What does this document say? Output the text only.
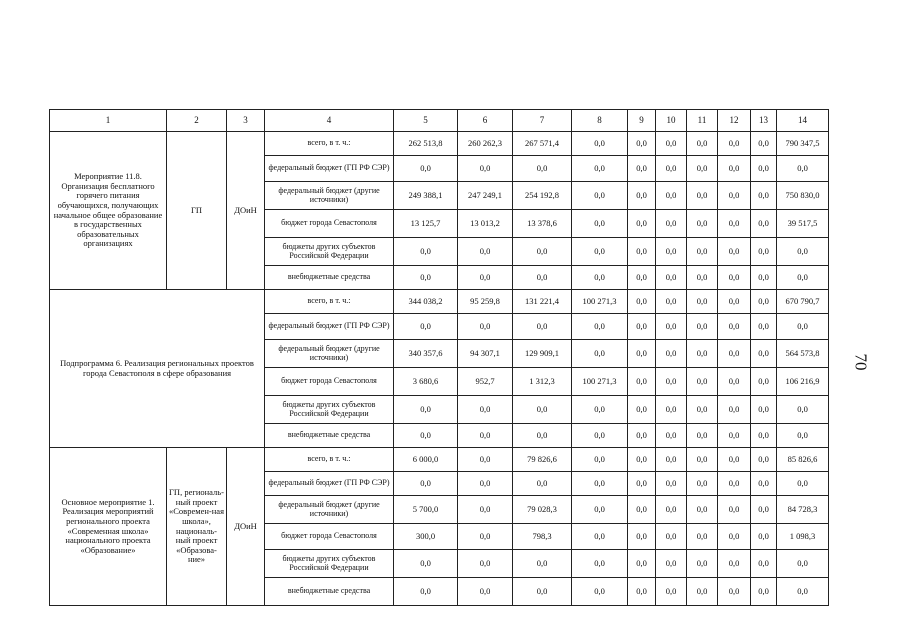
1	2	3	4	5	6	7	8	9	10	11	12	13	14
Мероприятие 11.8. Организация бесплатного горячего питания обучающихся, получающих начальное общее образование в государственных образовательных организациях	ГП	ДОиН	всего, в т. ч.:	262 513,8	260 262,3	267 571,4	0,0	0,0	0,0	0,0	0,0	0,0	790 347,5
			федеральный бюджет (ГП РФ СЭР)	0,0	0,0	0,0	0,0	0,0	0,0	0,0	0,0	0,0	0,0
			федеральный бюджет (другие источники)	249 388,1	247 249,1	254 192,8	0,0	0,0	0,0	0,0	0,0	0,0	750 830,0
			бюджет города Севастополя	13 125,7	13 013,2	13 378,6	0,0	0,0	0,0	0,0	0,0	0,0	39 517,5
			бюджеты других субъектов Российской Федерации	0,0	0,0	0,0	0,0	0,0	0,0	0,0	0,0	0,0	0,0
			внебюджетные средства	0,0	0,0	0,0	0,0	0,0	0,0	0,0	0,0	0,0	0,0
Подпрограмма 6. Реализация региональных проектов города Севастополя в сфере образования			всего, в т. ч.:	344 038,2	95 259,8	131 221,4	100 271,3	0,0	0,0	0,0	0,0	0,0	670 790,7
			федеральный бюджет (ГП РФ СЭР)	0,0	0,0	0,0	0,0	0,0	0,0	0,0	0,0	0,0	0,0
			федеральный бюджет (другие источники)	340 357,6	94 307,1	129 909,1	0,0	0,0	0,0	0,0	0,0	0,0	564 573,8
			бюджет города Севастополя	3 680,6	952,7	1 312,3	100 271,3	0,0	0,0	0,0	0,0	0,0	106 216,9
			бюджеты других субъектов Российской Федерации	0,0	0,0	0,0	0,0	0,0	0,0	0,0	0,0	0,0	0,0
			внебюджетные средства	0,0	0,0	0,0	0,0	0,0	0,0	0,0	0,0	0,0	0,0
Основное мероприятие 1. Реализация мероприятий регионального проекта «Современная школа» национального проекта «Образование»	ГП, региональ-ный проект «Современ-ная школа», националь-ный проект «Образова-ние»	ДОиН	всего, в т. ч.:	6 000,0	0,0	79 826,6	0,0	0,0	0,0	0,0	0,0	0,0	85 826,6
			федеральный бюджет (ГП РФ СЭР)	0,0	0,0	0,0	0,0	0,0	0,0	0,0	0,0	0,0	0,0
			федеральный бюджет (другие источники)	5 700,0	0,0	79 028,3	0,0	0,0	0,0	0,0	0,0	0,0	84 728,3
			бюджет города Севастополя	300,0	0,0	798,3	0,0	0,0	0,0	0,0	0,0	0,0	1 098,3
			бюджеты других субъектов Российской Федерации	0,0	0,0	0,0	0,0	0,0	0,0	0,0	0,0	0,0	0,0
			внебюджетные средства	0,0	0,0	0,0	0,0	0,0	0,0	0,0	0,0	0,0	0,0
70
